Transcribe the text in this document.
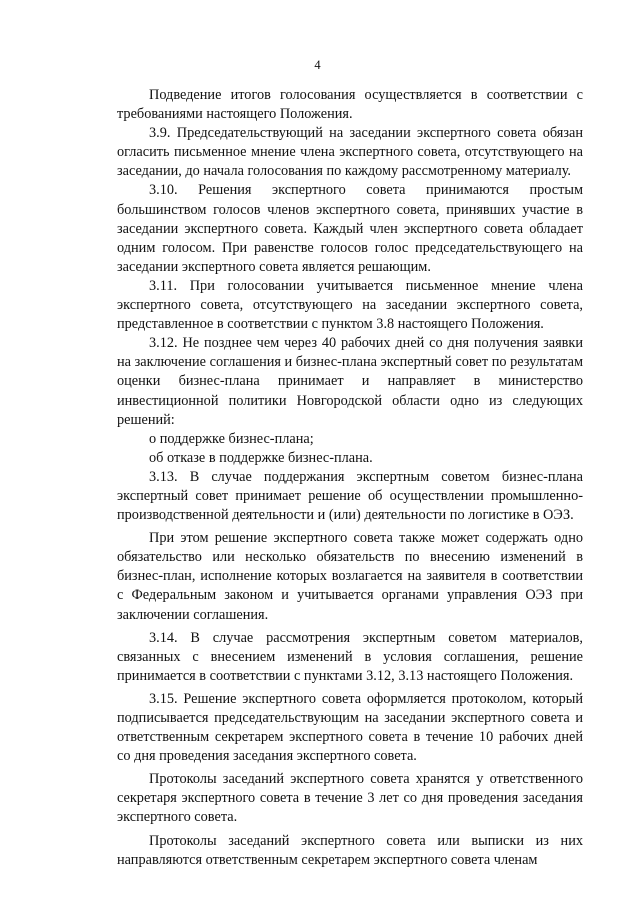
4

Подведение итогов голосования осуществляется в соответствии с требованиями настоящего Положения.

3.9. Председательствующий на заседании экспертного совета обязан огласить письменное мнение члена экспертного совета, отсутствующего на заседании, до начала голосования по каждому рассмотренному материалу.

3.10. Решения экспертного совета принимаются простым большинством голосов членов экспертного совета, принявших участие в заседании экспертного совета. Каждый член экспертного совета обладает одним голосом. При равенстве голосов голос председательствующего на заседании экспертного совета является решающим.

3.11. При голосовании учитывается письменное мнение члена экспертного совета, отсутствующего на заседании экспертного совета, представленное в соответствии с пунктом 3.8 настоящего Положения.

3.12. Не позднее чем через 40 рабочих дней со дня получения заявки на заключение соглашения и бизнес-плана экспертный совет по результатам оценки бизнес-плана принимает и направляет в министерство инвестиционной политики Новгородской области одно из следующих решений:

о поддержке бизнес-плана;

об отказе в поддержке бизнес-плана.

3.13. В случае поддержания экспертным советом бизнес-плана экспертный совет принимает решение об осуществлении промышленно-производственной деятельности и (или) деятельности по логистике в ОЭЗ.

При этом решение экспертного совета также может содержать одно обязательство или несколько обязательств по внесению изменений в бизнес-план, исполнение которых возлагается на заявителя в соответствии с Федеральным законом и учитывается органами управления ОЭЗ при заключении соглашения.

3.14. В случае рассмотрения экспертным советом материалов, связанных с внесением изменений в условия соглашения, решение принимается в соответствии с пунктами 3.12, 3.13 настоящего Положения.

3.15. Решение экспертного совета оформляется протоколом, который подписывается председательствующим на заседании экспертного совета и ответственным секретарем экспертного совета в течение 10 рабочих дней со дня проведения заседания экспертного совета.

Протоколы заседаний экспертного совета хранятся у ответственного секретаря экспертного совета в течение 3 лет со дня проведения заседания экспертного совета.

Протоколы заседаний экспертного совета или выписки из них направляются ответственным секретарем экспертного совета членам
